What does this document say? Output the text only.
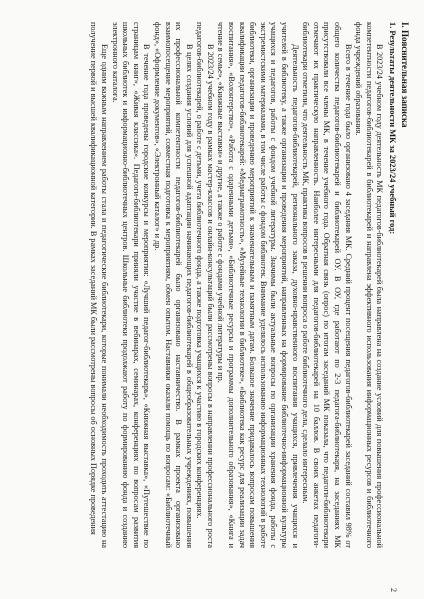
I. Пояснительная записка
1. Результаты деятельности МК за 2023/24 учебный год:

В 2023/24 учебном году деятельность МК педагогов-библиотекарей была направлена на создание условий для повышения профессиональной компетентности педагогов-библиотекарей в библиотекарей и направлена эффективного использования информационных ресурсов и библиотечного фонда учреждений образования.

Всего в течение года было организовано 4 заседания МК. Средний процент посещения педагогов-библиотекарей заседаний составил 98% от общего количества педагогов-библиотекарей и библиотекарей ОУ. В ОУ, где работают по 2-3 педагога-библиотекаря, на заседаниях МК присутствовали все члены МК, в течение учебного года. Обратная связь (опрос) по итогам заседаний МК показала, что педагоги-библиотекари отмечают их практическую направленность. Наиболее интересными для педагогов-библиотекарей на 10 баллов. В своих анкетах педагоги-библиотекари отметили, что деятельность МК, практика вопросов в решении вопроса о работе библиотечного дела, сделало интересным.

Деятельность педагогов-библиотекарей, регионального заказа, духовно-нравственного воспитания учащихся, привлечения учащихся и учителей в библиотеку, а также организации и проведения мероприятий, направленных на формирование библиотечно-информационной культуры учащихся и педагогов, работы с фондом учебной литературы. Значимы были актуальные вопросы по организации хранения фонда, работы с экстремистскими материалами, в том числе работы с фондом библиотек. Внимание уделялось использованию информационных технологий в работе библиотеки, организации и проведению мероприятий к знаменательным и памятным датам. Большое значение придавалось вопросам повышения квалификации педагогов-библиотекарей: «Медиаграмотность», «Музейные технологии в библиотеке», «Библиотека как ресурс для реализации задач воспитания», «Волонтерство», «Работа с одаренными детьми», «Библиотечные ресурсы и программы дополнительного образования», «Книга и чтение в семье», «Книжные выставки» и другие, а также о работе с фондами учебной литературы и пр.

В 2023/24 учебном году в рамках мастер-классов и онлайн-консультаций были рассмотрены вопросы в направлении профессионального роста педагогов-библиотекарей, о работе с детьми, учета библиотечного фонда, а также подготовка учащихся к участию в городских конференциях.

В целях создания условий для успешной адаптации начинающих педагогов-библиотекарей в общеобразовательных учреждениях, повышения их профессиональной компетентности педагогов-библиотекарей было организовано наставничество. В рамках проекта организовано взаимопосещение мероприятий, совместная подготовка к мероприятиям, обмен опытом. Наставники оказали помощь по вопросам: «Библиотечный фонд», «Оформление документов», «Электронный каталог» и др.

В течение года проведены городские конкурсы и мероприятия: «Лучший педагог-библиотекарь», «Книжная выставка», «Путешествие по страницам книг», «Живая классика». Педагоги-библиотекари приняли участие в вебинарах, семинарах, конференциях по вопросам развития школьных библиотек и информационно-библиотечных центров. Школьные библиотеки продолжают работу по формированию фонда и созданию электронного каталога.

Еще одним важным направлением работы стала и педагогические библиотекари, которые понимали необходимость проходить аттестацию на получение первой и высшей квалификационной категории. В рамках заседаний МК были рассмотрены вопросы об основных Порядке проведения

2
